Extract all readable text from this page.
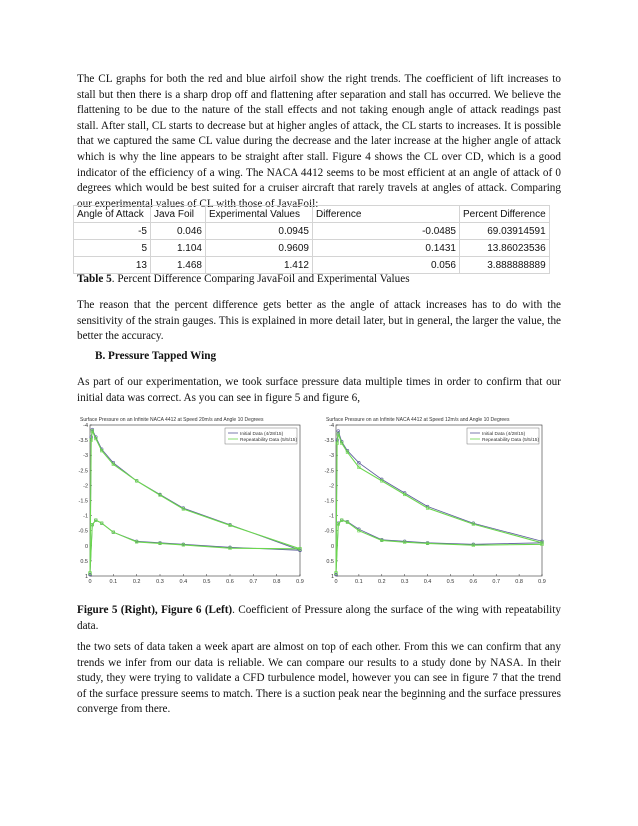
The CL graphs for both the red and blue airfoil show the right trends. The coefficient of lift increases to stall but then there is a sharp drop off and flattening after separation and stall has occurred. We believe the flattening to be due to the nature of the stall effects and not taking enough angle of attack readings past stall. After stall, CL starts to decrease but at higher angles of attack, the CL starts to increases. It is possible that we captured the same CL value during the decrease and the later increase at the higher angle of attack which is why the line appears to be straight after stall. Figure 4 shows the CL over CD, which is a good indicator of the efficiency of a wing. The NACA 4412 seems to be most efficient at an angle of attack of 0 degrees which would be best suited for a cruiser aircraft that rarely travels at angles of attack. Comparing our experimental values of CL with those of JavaFoil:

Angle of Attack	Java Foil	Experimental Values	Difference	Percent Difference
-5	0.046	0.0945	-0.0485	69.03914591
5	1.104	0.9609	0.1431	13.86023536
13	1.468	1.412	0.056	3.888888889
Table 5. Percent Difference Comparing JavaFoil and Experimental Values

The reason that the percent difference gets better as the angle of attack increases has to do with the sensitivity of the strain gauges. This is explained in more detail later, but in general, the larger the value, the better the accuracy.

B. Pressure Tapped Wing

As part of our experimentation, we took surface pressure data multiple times in order to confirm that our initial data was correct. As you can see in figure 5 and figure 6,

Surface Pressure on an Infinite NACA 4412 at Speed 20m/s and Angle 10 Degrees
-4
-3.5
-3
-2.5
-2
-1.5
-1
-0.5
0
0.5
1
0	0.1	0.2	0.3	0.4	0.5	0.6	0.7	0.8	0.9
Initial Data (4/28/15)
Repeatability Data (5/5/15)
Surface Pressure on an Infinite NACA 4412 at Speed 12m/s and Angle 10 Degrees
-4
-3.5
-3
-2.5
-2
-1.5
-1
-0.5
0
0.5
1
0	0.1	0.2	0.3	0.4	0.5	0.6	0.7	0.8	0.9
Initial Data (4/28/15)
Repeatability Data (5/5/15)

Figure 5 (Right), Figure 6 (Left). Coefficient of Pressure along the surface of the wing with repeatability data.

the two sets of data taken a week apart are almost on top of each other. From this we can confirm that any trends we infer from our data is reliable. We can compare our results to a study done by NASA. In their study, they were trying to validate a CFD turbulence model, however you can see in figure 7 that the trend of the surface pressure seems to match. There is a suction peak near the beginning and the surface pressures converge from there.
